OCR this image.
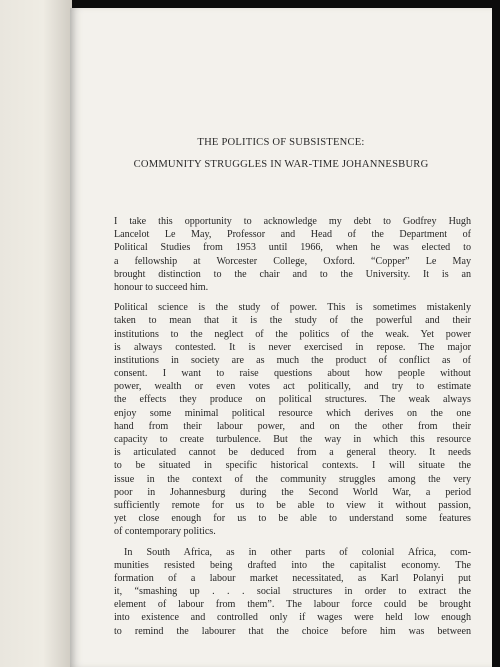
THE POLITICS OF SUBSISTENCE:
COMMUNITY STRUGGLES IN WAR-TIME JOHANNESBURG
I take this opportunity to acknowledge my debt to Godfrey Hugh
Lancelot Le May, Professor and Head of the Department of
Political Studies from 1953 until 1966, when he was elected to
a fellowship at Worcester College, Oxford. “Copper” Le May
brought distinction to the chair and to the University. It is an
honour to succeed him.
Political science is the study of power. This is sometimes mistakenly
taken to mean that it is the study of the powerful and their
institutions to the neglect of the politics of the weak. Yet power
is always contested. It is never exercised in repose. The major
institutions in society are as much the product of conflict as of
consent. I want to raise questions about how people without
power, wealth or even votes act politically, and try to estimate
the effects they produce on political structures. The weak always
enjoy some minimal political resource which derives on the one
hand from their labour power, and on the other from their
capacity to create turbulence. But the way in which this resource
is articulated cannot be deduced from a general theory. It needs
to be situated in specific historical contexts. I will situate the
issue in the context of the community struggles among the very
poor in Johannesburg during the Second World War, a period
sufficiently remote for us to be able to view it without passion,
yet close enough for us to be able to understand some features
of contemporary politics.
In South Africa, as in other parts of colonial Africa, com-
munities resisted being drafted into the capitalist economy. The
formation of a labour market necessitated, as Karl Polanyi put
it, “smashing up . . . social structures in order to extract the
element of labour from them”. The labour force could be brought
into existence and controlled only if wages were held low enough
to remind the labourer that the choice before him was between
